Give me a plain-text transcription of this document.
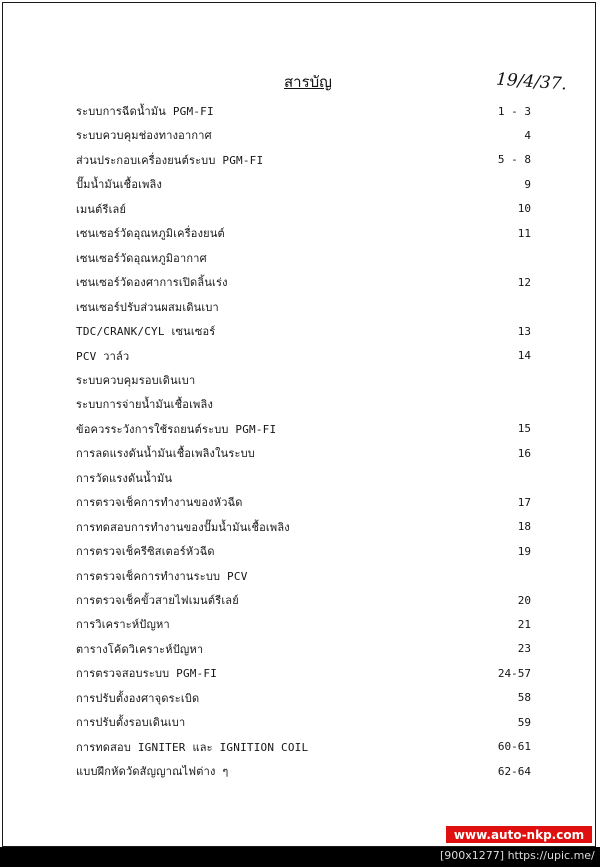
สารบัญ	19/4/37.
ระบบการฉีดน้ำมัน PGM-FI	1 - 3
ระบบควบคุมช่องทางอากาศ	4
ส่วนประกอบเครื่องยนต์ระบบ PGM-FI	5 - 8
ปั๊มน้ำมันเชื้อเพลิง	9
เมนต์รีเลย์	10
เซนเซอร์วัดอุณหภูมิเครื่องยนต์	11
เซนเซอร์วัดอุณหภูมิอากาศ
เซนเซอร์วัดองศาการเปิดลิ้นเร่ง	12
เซนเซอร์ปรับส่วนผสมเดินเบา
TDC/CRANK/CYL เซนเซอร์	13
PCV วาล์ว	14
ระบบควบคุมรอบเดินเบา
ระบบการจ่ายน้ำมันเชื้อเพลิง
ข้อควรระวังการใช้รถยนต์ระบบ PGM-FI	15
การลดแรงดันน้ำมันเชื้อเพลิงในระบบ	16
การวัดแรงดันน้ำมัน
การตรวจเช็คการทำงานของหัวฉีด	17
การทดสอบการทำงานของปั๊มน้ำมันเชื้อเพลิง	18
การตรวจเช็ครีซิสเตอร์หัวฉีด	19
การตรวจเช็คการทำงานระบบ PCV
การตรวจเช็คขั้วสายไฟเมนต์รีเลย์	20
การวิเคราะห์ปัญหา	21
ตารางโค้ดวิเคราะห์ปัญหา	23
การตรวจสอบระบบ PGM-FI	24-57
การปรับตั้งองศาจุดระเบิด	58
การปรับตั้งรอบเดินเบา	59
การทดสอบ IGNITER และ IGNITION COIL	60-61
แบบฝึกหัดวัดสัญญาณไฟต่าง ๆ	62-64
www.auto-nkp.com
[900x1277] https://upic.me/
